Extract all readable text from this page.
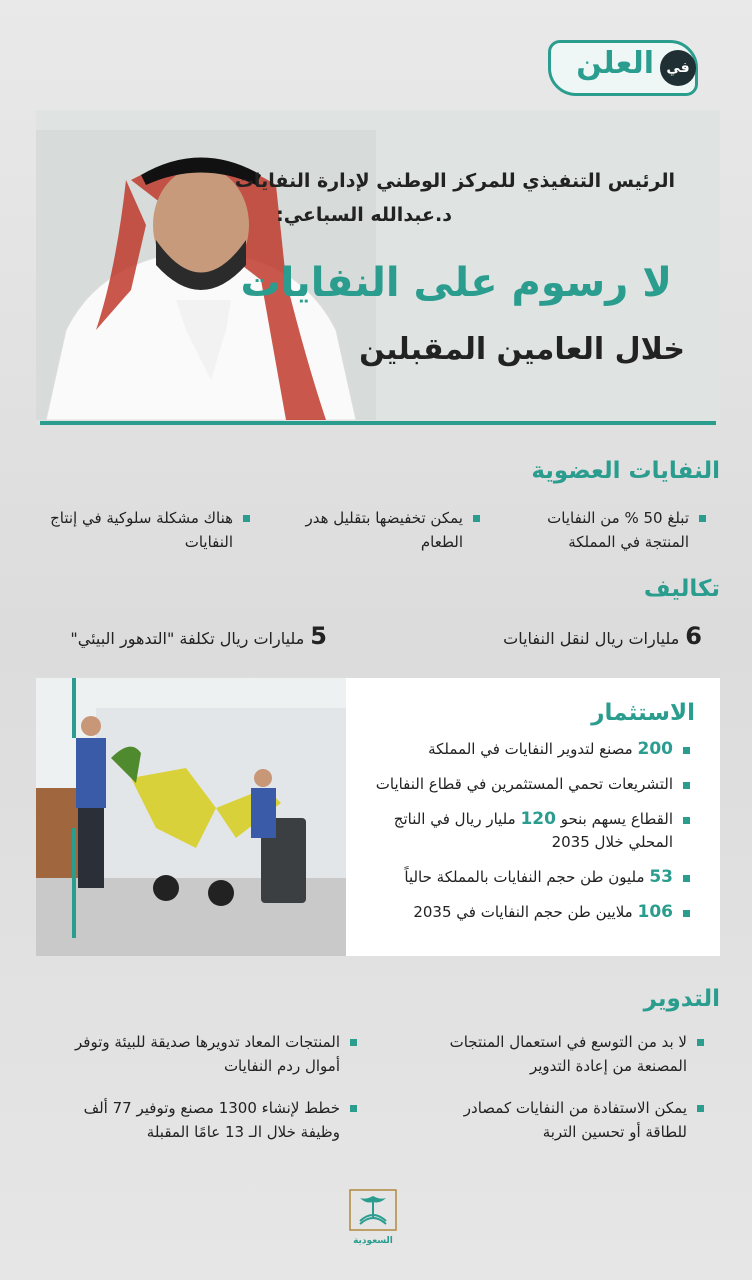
العلن في
الرئيس التنفيذي للمركز الوطني لإدارة النفايات
د.عبدالله السباعي:
لا رسوم على النفايات
خلال العامين المقبلين
النفايات العضوية
تبلغ 50 % من النفايات المنتجة في المملكة
يمكن تخفيضها بتقليل هدر الطعام
هناك مشكلة سلوكية في إنتاج النفايات
تكاليف
6مليارات ريال لنقل النفايات
5مليارات ريال تكلفة "التدهور البيئي"
الاستثمار
200 مصنع لتدوير النفايات في المملكة
التشريعات تحمي المستثمرين في قطاع النفايات
القطاع يسهم بنحو 120 مليار ريال في الناتج المحلي خلال 2035
53 مليون طن حجم النفايات بالمملكة حالياً
106 ملايين طن حجم النفايات في 2035
التدوير
لا بد من التوسع في استعمال المنتجات المصنعة من إعادة التدوير
المنتجات المعاد تدويرها صديقة للبيئة وتوفر أموال ردم النفايات
يمكن الاستفادة من النفايات كمصادر للطاقة أو تحسين التربة
خطط لإنشاء 1300 مصنع وتوفير 77 ألف وظيفة خلال الـ 13 عامًا المقبلة
السعودية
